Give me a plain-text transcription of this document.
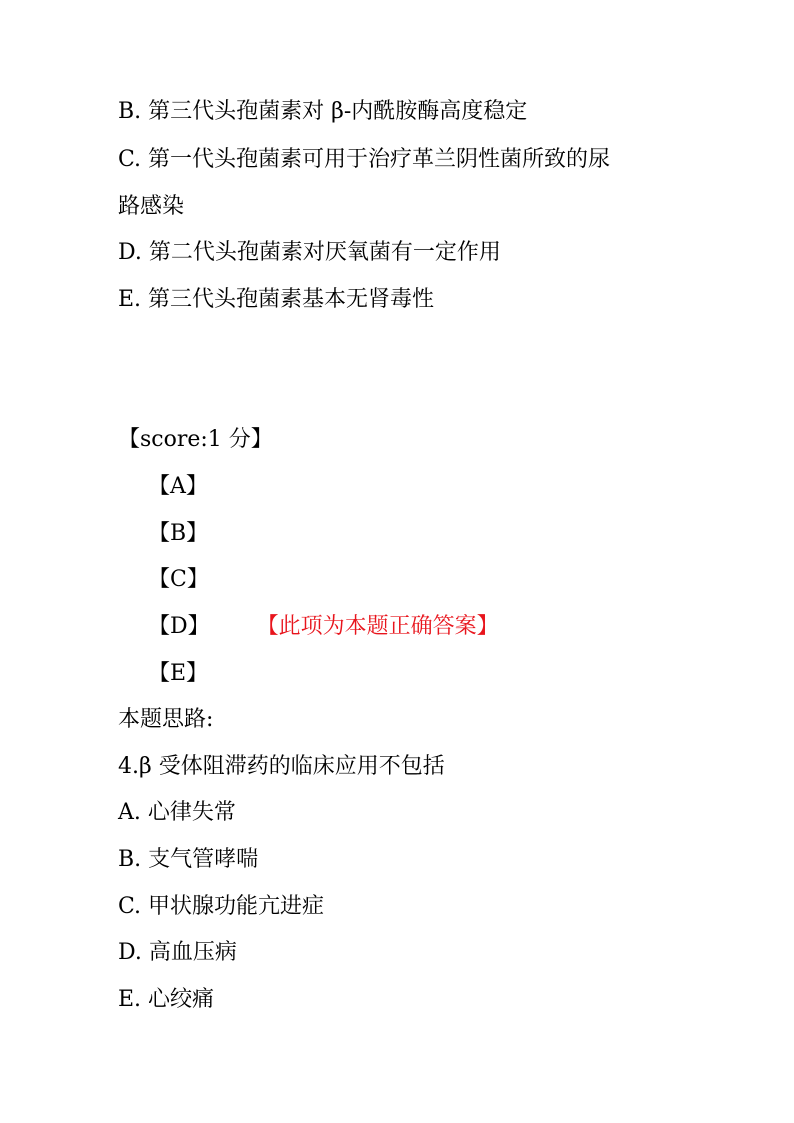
B. 第三代头孢菌素对 β-内酰胺酶高度稳定
C. 第一代头孢菌素可用于治疗革兰阴性菌所致的尿
路感染
D. 第二代头孢菌素对厌氧菌有一定作用
E. 第三代头孢菌素基本无肾毒性
【score:1 分】
【A】
【B】
【C】
【D】 【此项为本题正确答案】
【E】
本题思路:
4.β 受体阻滞药的临床应用不包括
A. 心律失常
B. 支气管哮喘
C. 甲状腺功能亢进症
D. 高血压病
E. 心绞痛
